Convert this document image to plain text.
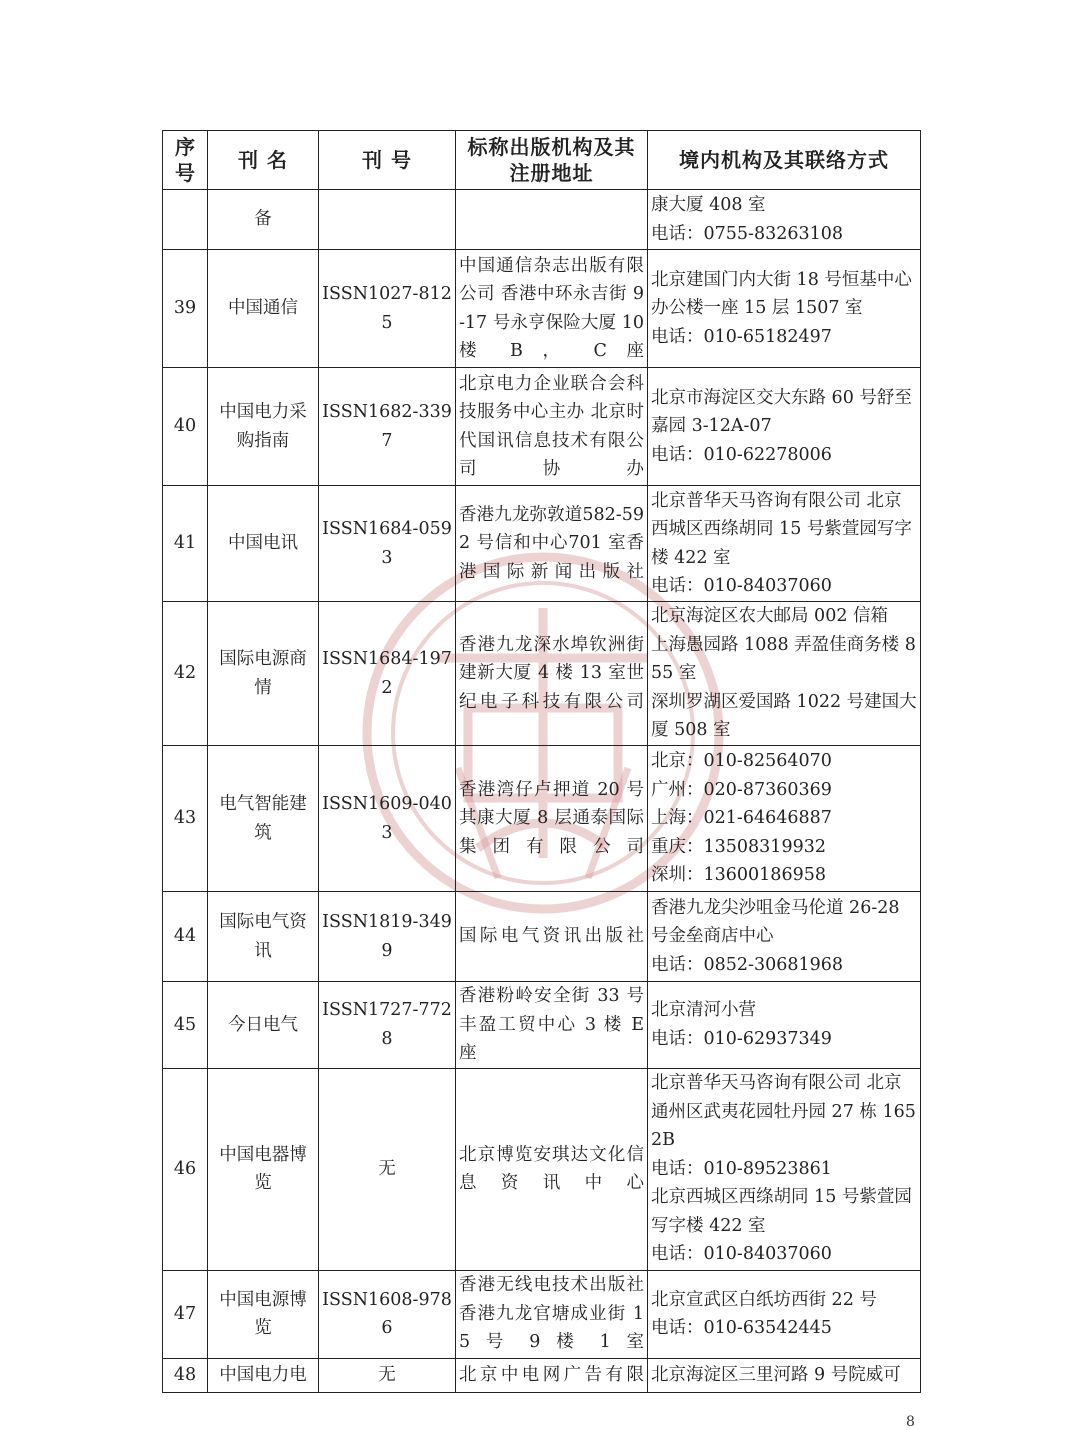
序号	刊 名	刊 号	标称出版机构及其注册地址	境内机构及其联络方式
	备			康大厦 408 室
电话：0755-83263108

39	中国通信	ISSN1027-8125	中国通信杂志出版有限公司 香港中环永吉街 9-17 号永亨保险大厦 10 楼 B ， C 座	北京建国门内大街 18 号恒基中心办公楼一座 15 层 1507 室
电话：010-65182497

40	中国电力采购指南	ISSN1682-3397	北京电力企业联合会科技服务中心主办 北京时代国讯信息技术有限公司协办	北京市海淀区交大东路 60 号舒至嘉园 3-12A-07
电话：010-62278006

41	中国电讯	ISSN1684-0593	香港九龙弥敦道582-592 号信和中心701 室香港国际新闻出版社	北京普华天马咨询有限公司 北京西城区西绦胡同 15 号紫萱园写字楼 422 室
电话：010-84037060

42	国际电源商情	ISSN1684-1972	香港九龙深水埠钦洲街建新大厦 4 楼 13 室世纪电子科技有限公司	北京海淀区农大邮局 002 信箱
上海愚园路 1088 弄盈佳商务楼 855 室
深圳罗湖区爱国路 1022 号建国大厦 508 室

43	电气智能建筑	ISSN1609-0403	香港湾仔卢押道 20 号其康大厦 8 层通泰国际集团有限公司	北京：010-82564070
广州：020-87360369
上海：021-64646887
重庆：13508319932
深圳：13600186958

44	国际电气资讯	ISSN1819-3499	国际电气资讯出版社	香港九龙尖沙咀金马伦道 26-28 号金垒商店中心
电话：0852-30681968

45	今日电气	ISSN1727-7728	香港粉岭安全街 33 号丰盈工贸中心 3 楼 E 座	北京清河小营
电话：010-62937349

46	中国电器博览	无	北京博览安琪达文化信息资讯中心	北京普华天马咨询有限公司 北京通州区武夷花园牡丹园 27 栋 1652B
电话：010-89523861
北京西城区西绦胡同 15 号紫萱园写字楼 422 室
电话：010-84037060

47	中国电源博览	ISSN1608-9786	香港无线电技术出版社 香港九龙官塘成业街 15 号 9 楼 1 室	北京宣武区白纸坊西街 22 号
电话：010-63542445

48	中国电力电	无	北京中电网广告有限	北京海淀区三里河路 9 号院威可
8
